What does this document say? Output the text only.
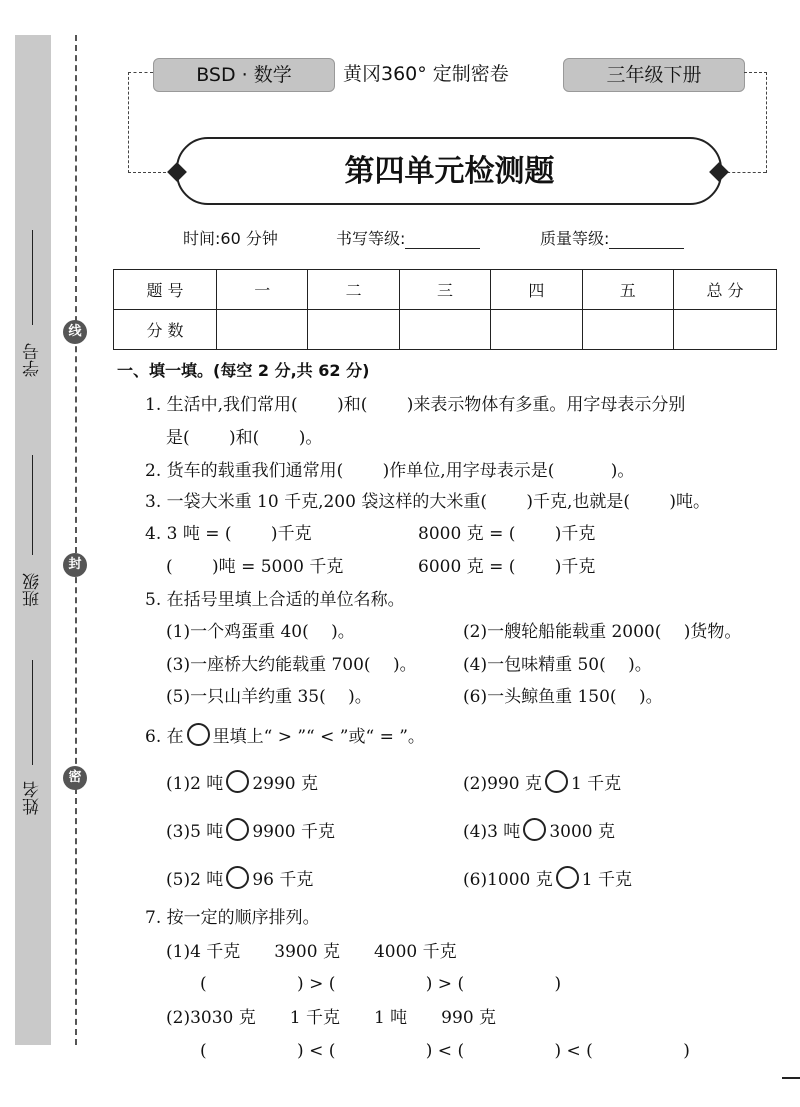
学号
班级
姓名
线
封
密
BSD · 数学	黄冈360° 定制密卷	三年级下册
第四单元检测题
时间:60 分钟	书写等级:	质量等级:
题 号	一	二	三	四	五	总 分
分 数						
一、填一填。(每空 2 分,共 62 分)
1. 生活中,我们常用(　　 )和(　　 )来表示物体有多重。用字母表示分别
是(　　 )和(　　 )。
2. 货车的载重我们通常用(　　 )作单位,用字母表示是(　　　 )。
3. 一袋大米重 10 千克,200 袋这样的大米重(　　 )千克,也就是(　　 )吨。
4. 3 吨 = (　　 )千克	8000 克 = (　　 )千克
(　　 )吨 = 5000 千克	6000 克 = (　　 )千克
5. 在括号里填上合适的单位名称。
(1)一个鸡蛋重 40(　 )。	(2)一艘轮船能载重 2000(　 )货物。
(3)一座桥大约能载重 700(　 )。	(4)一包味精重 50(　 )。
(5)一只山羊约重 35(　 )。	(6)一头鲸鱼重 150(　 )。
6. 在 里填上“ > ”“ < ”或“ = ”。
(1)2 吨 2990 克	(2)990 克 1 千克
(3)5 吨 9900 千克	(4)3 吨 3000 克
(5)2 吨 96 千克	(6)1000 克 1 千克
7. 按一定的顺序排列。
(1)4 千克　　3900 克　　4000 千克
(　　　　　 ) > (　　　　　 ) > (　　　　　 )
(2)3030 克　　1 千克　　1 吨　　990 克
(　　　　　 ) < (　　　　　 ) < (　　　　　 ) < (　　　　　 )
